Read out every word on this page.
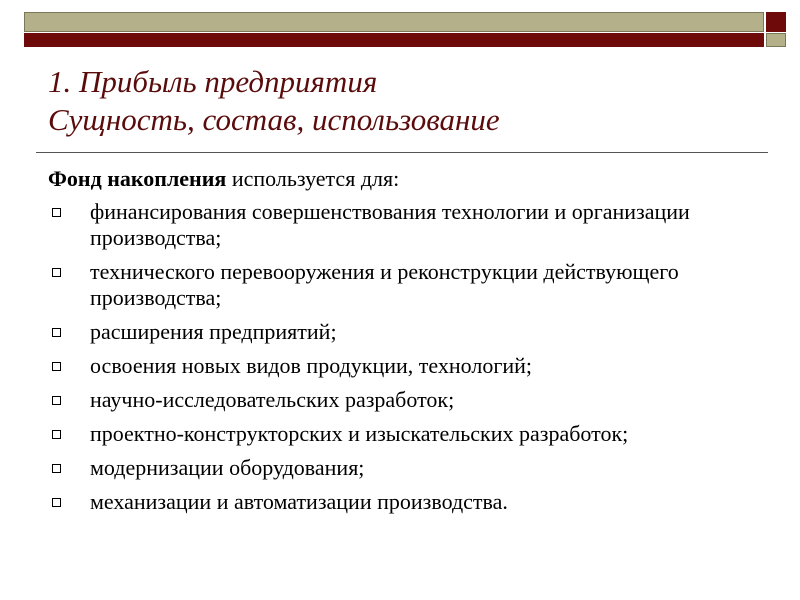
1. Прибыль предприятия
Сущность, состав, использование
Фонд накопления используется для:
финансирования совершенствования технологии и организации производства;
технического перевооружения и реконструкции действующего производства;
расширения предприятий;
освоения новых видов продукции, технологий;
научно-исследовательских разработок;
проектно-конструкторских и изыскательских разработок;
модернизации оборудования;
механизации и автоматизации производства.
